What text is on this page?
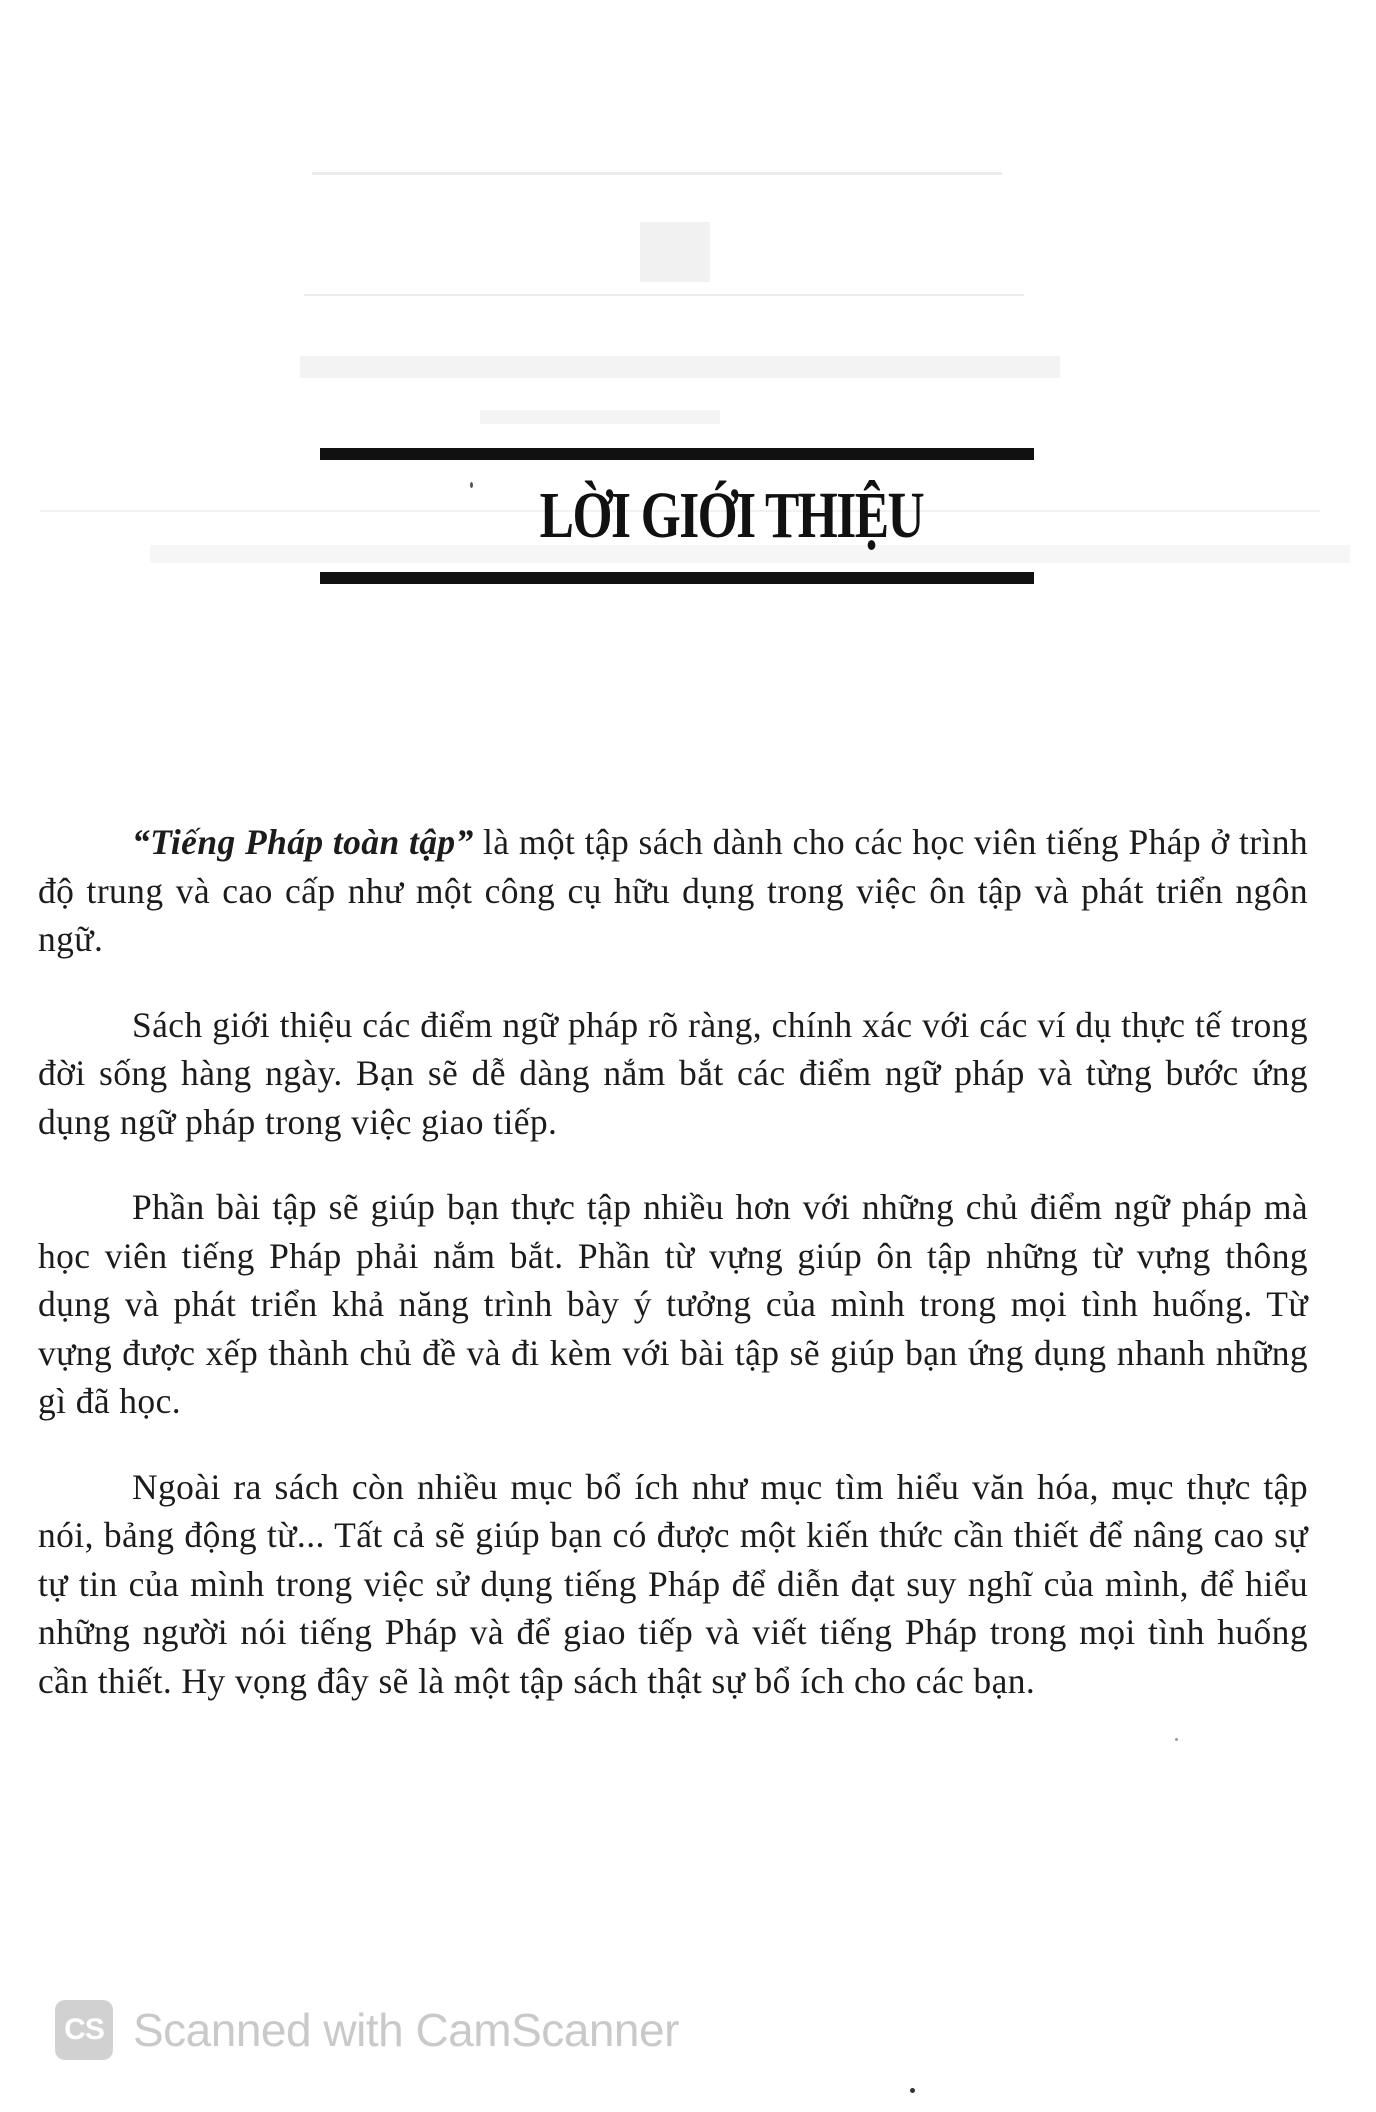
LỜI GIỚI THIỆU

“Tiếng Pháp toàn tập” là một tập sách dành cho các học viên tiếng Pháp ở trình độ trung và cao cấp như một công cụ hữu dụng trong việc ôn tập và phát triển ngôn ngữ.

Sách giới thiệu các điểm ngữ pháp rõ ràng, chính xác với các ví dụ thực tế trong đời sống hàng ngày. Bạn sẽ dễ dàng nắm bắt các điểm ngữ pháp và từng bước ứng dụng ngữ pháp trong việc giao tiếp.

Phần bài tập sẽ giúp bạn thực tập nhiều hơn với những chủ điểm ngữ pháp mà học viên tiếng Pháp phải nắm bắt. Phần từ vựng giúp ôn tập những từ vựng thông dụng và phát triển khả năng trình bày ý tưởng của mình trong mọi tình huống. Từ vựng được xếp thành chủ đề và đi kèm với bài tập sẽ giúp bạn ứng dụng nhanh những gì đã học.

Ngoài ra sách còn nhiều mục bổ ích như mục tìm hiểu văn hóa, mục thực tập nói, bảng động từ... Tất cả sẽ giúp bạn có được một kiến thức cần thiết để nâng cao sự tự tin của mình trong việc sử dụng tiếng Pháp để diễn đạt suy nghĩ của mình, để hiểu những người nói tiếng Pháp và để giao tiếp và viết tiếng Pháp trong mọi tình huống cần thiết. Hy vọng đây sẽ là một tập sách thật sự bổ ích cho các bạn.

CS Scanned with CamScanner
